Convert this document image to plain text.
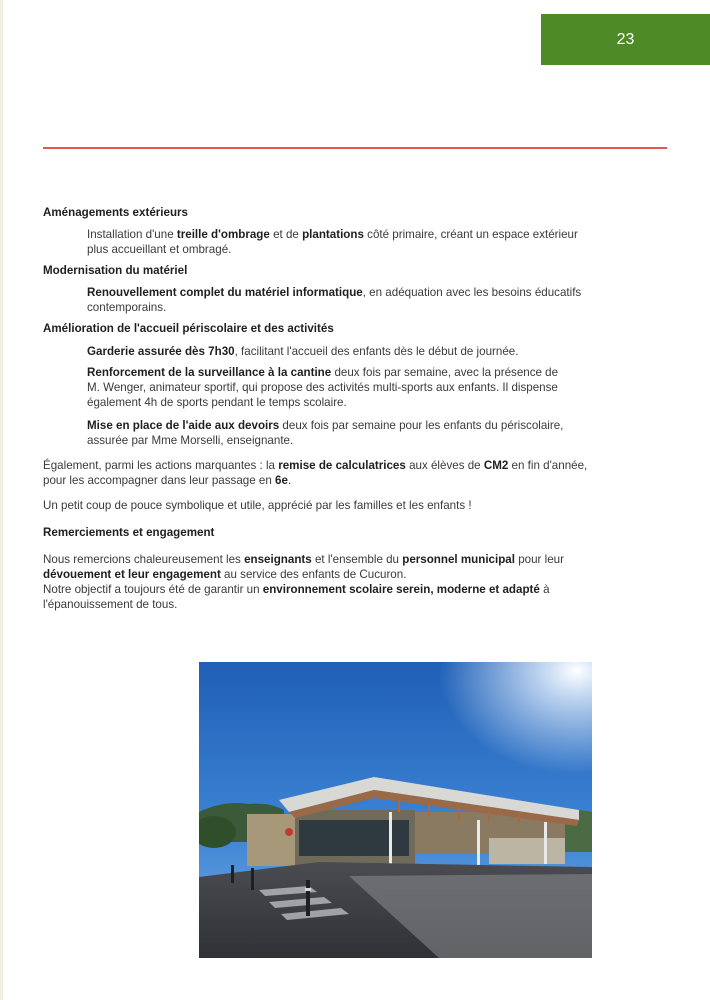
23

Aménagements extérieurs

Installation d'une treille d'ombrage et de plantations côté primaire, créant un espace extérieur
plus accueillant et ombragé.

Modernisation du matériel

Renouvellement complet du matériel informatique, en adéquation avec les besoins éducatifs
contemporains.

Amélioration de l'accueil périscolaire et des activités

Garderie assurée dès 7h30, facilitant l'accueil des enfants dès le début de journée.

Renforcement de la surveillance à la cantine deux fois par semaine, avec la présence de
M. Wenger, animateur sportif, qui propose des activités multi-sports aux enfants. Il dispense
également 4h de sports pendant le temps scolaire.

Mise en place de l'aide aux devoirs deux fois par semaine pour les enfants du périscolaire,
assurée par Mme Morselli, enseignante.

Également, parmi les actions marquantes : la remise de calculatrices aux élèves de CM2 en fin d'année,
pour les accompagner dans leur passage en 6e.

Un petit coup de pouce symbolique et utile, apprécié par les familles et les enfants !

Remerciements et engagement

Nous remercions chaleureusement les enseignants et l'ensemble du personnel municipal pour leur
dévouement et leur engagement au service des enfants de Cucuron.
Notre objectif a toujours été de garantir un environnement scolaire serein, moderne et adapté à
l'épanouissement de tous.
